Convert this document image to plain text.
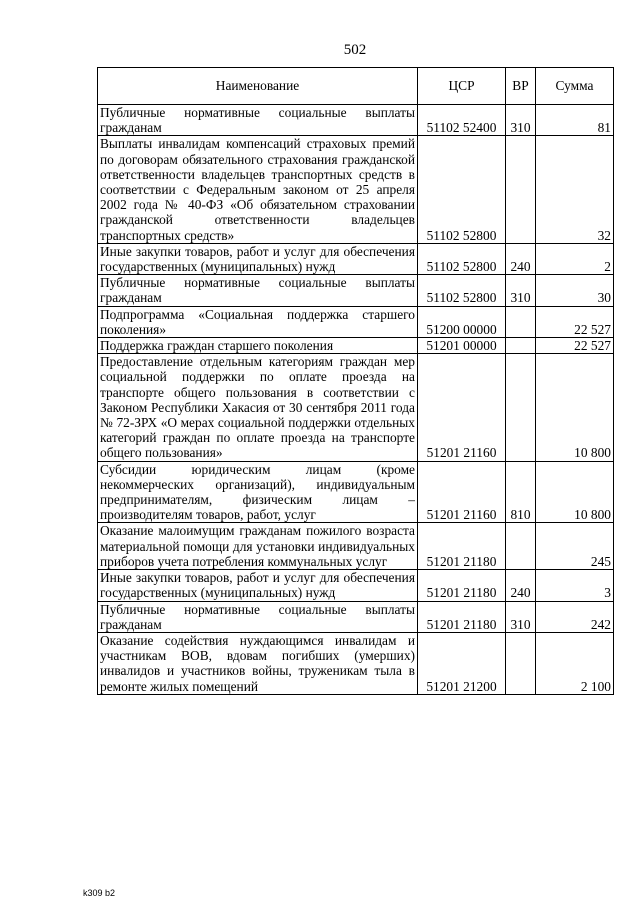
502
Наименование	ЦСР	ВР	Сумма
Публичные нормативные социальные выплаты гражданам	51102 52400	310	81
Выплаты инвалидам компенсаций страховых премий по договорам обязательного страхования гражданской ответственности владельцев транспортных средств в соответствии с Федеральным законом от 25 апреля 2002 года № 40-ФЗ «Об обязательном страховании гражданской ответственности владельцев транспортных средств»	51102 52800		32
Иные закупки товаров, работ и услуг для обеспечения государственных (муниципальных) нужд	51102 52800	240	2
Публичные нормативные социальные выплаты гражданам	51102 52800	310	30
Подпрограмма «Социальная поддержка старшего поколения»	51200 00000		22 527
Поддержка граждан старшего поколения	51201 00000		22 527
Предоставление отдельным категориям граждан мер социальной поддержки по оплате проезда на транспорте общего пользования в соответствии с Законом Республики Хакасия от 30 сентября 2011 года № 72-ЗРХ «О мерах социальной поддержки отдельных категорий граждан по оплате проезда на транспорте общего пользования»	51201 21160		10 800
Субсидии юридическим лицам (кроме некоммерческих организаций), индивидуальным предпринимателям, физическим лицам – производителям товаров, работ, услуг	51201 21160	810	10 800
Оказание малоимущим гражданам пожилого возраста материальной помощи для установки индивидуальных приборов учета потребления коммунальных услуг	51201 21180		245
Иные закупки товаров, работ и услуг для обеспечения государственных (муниципальных) нужд	51201 21180	240	3
Публичные нормативные социальные выплаты гражданам	51201 21180	310	242
Оказание содействия нуждающимся инвалидам и участникам ВОВ, вдовам погибших (умерших) инвалидов и участников войны, труженикам тыла в ремонте жилых помещений	51201 21200		2 100
k309 b2
